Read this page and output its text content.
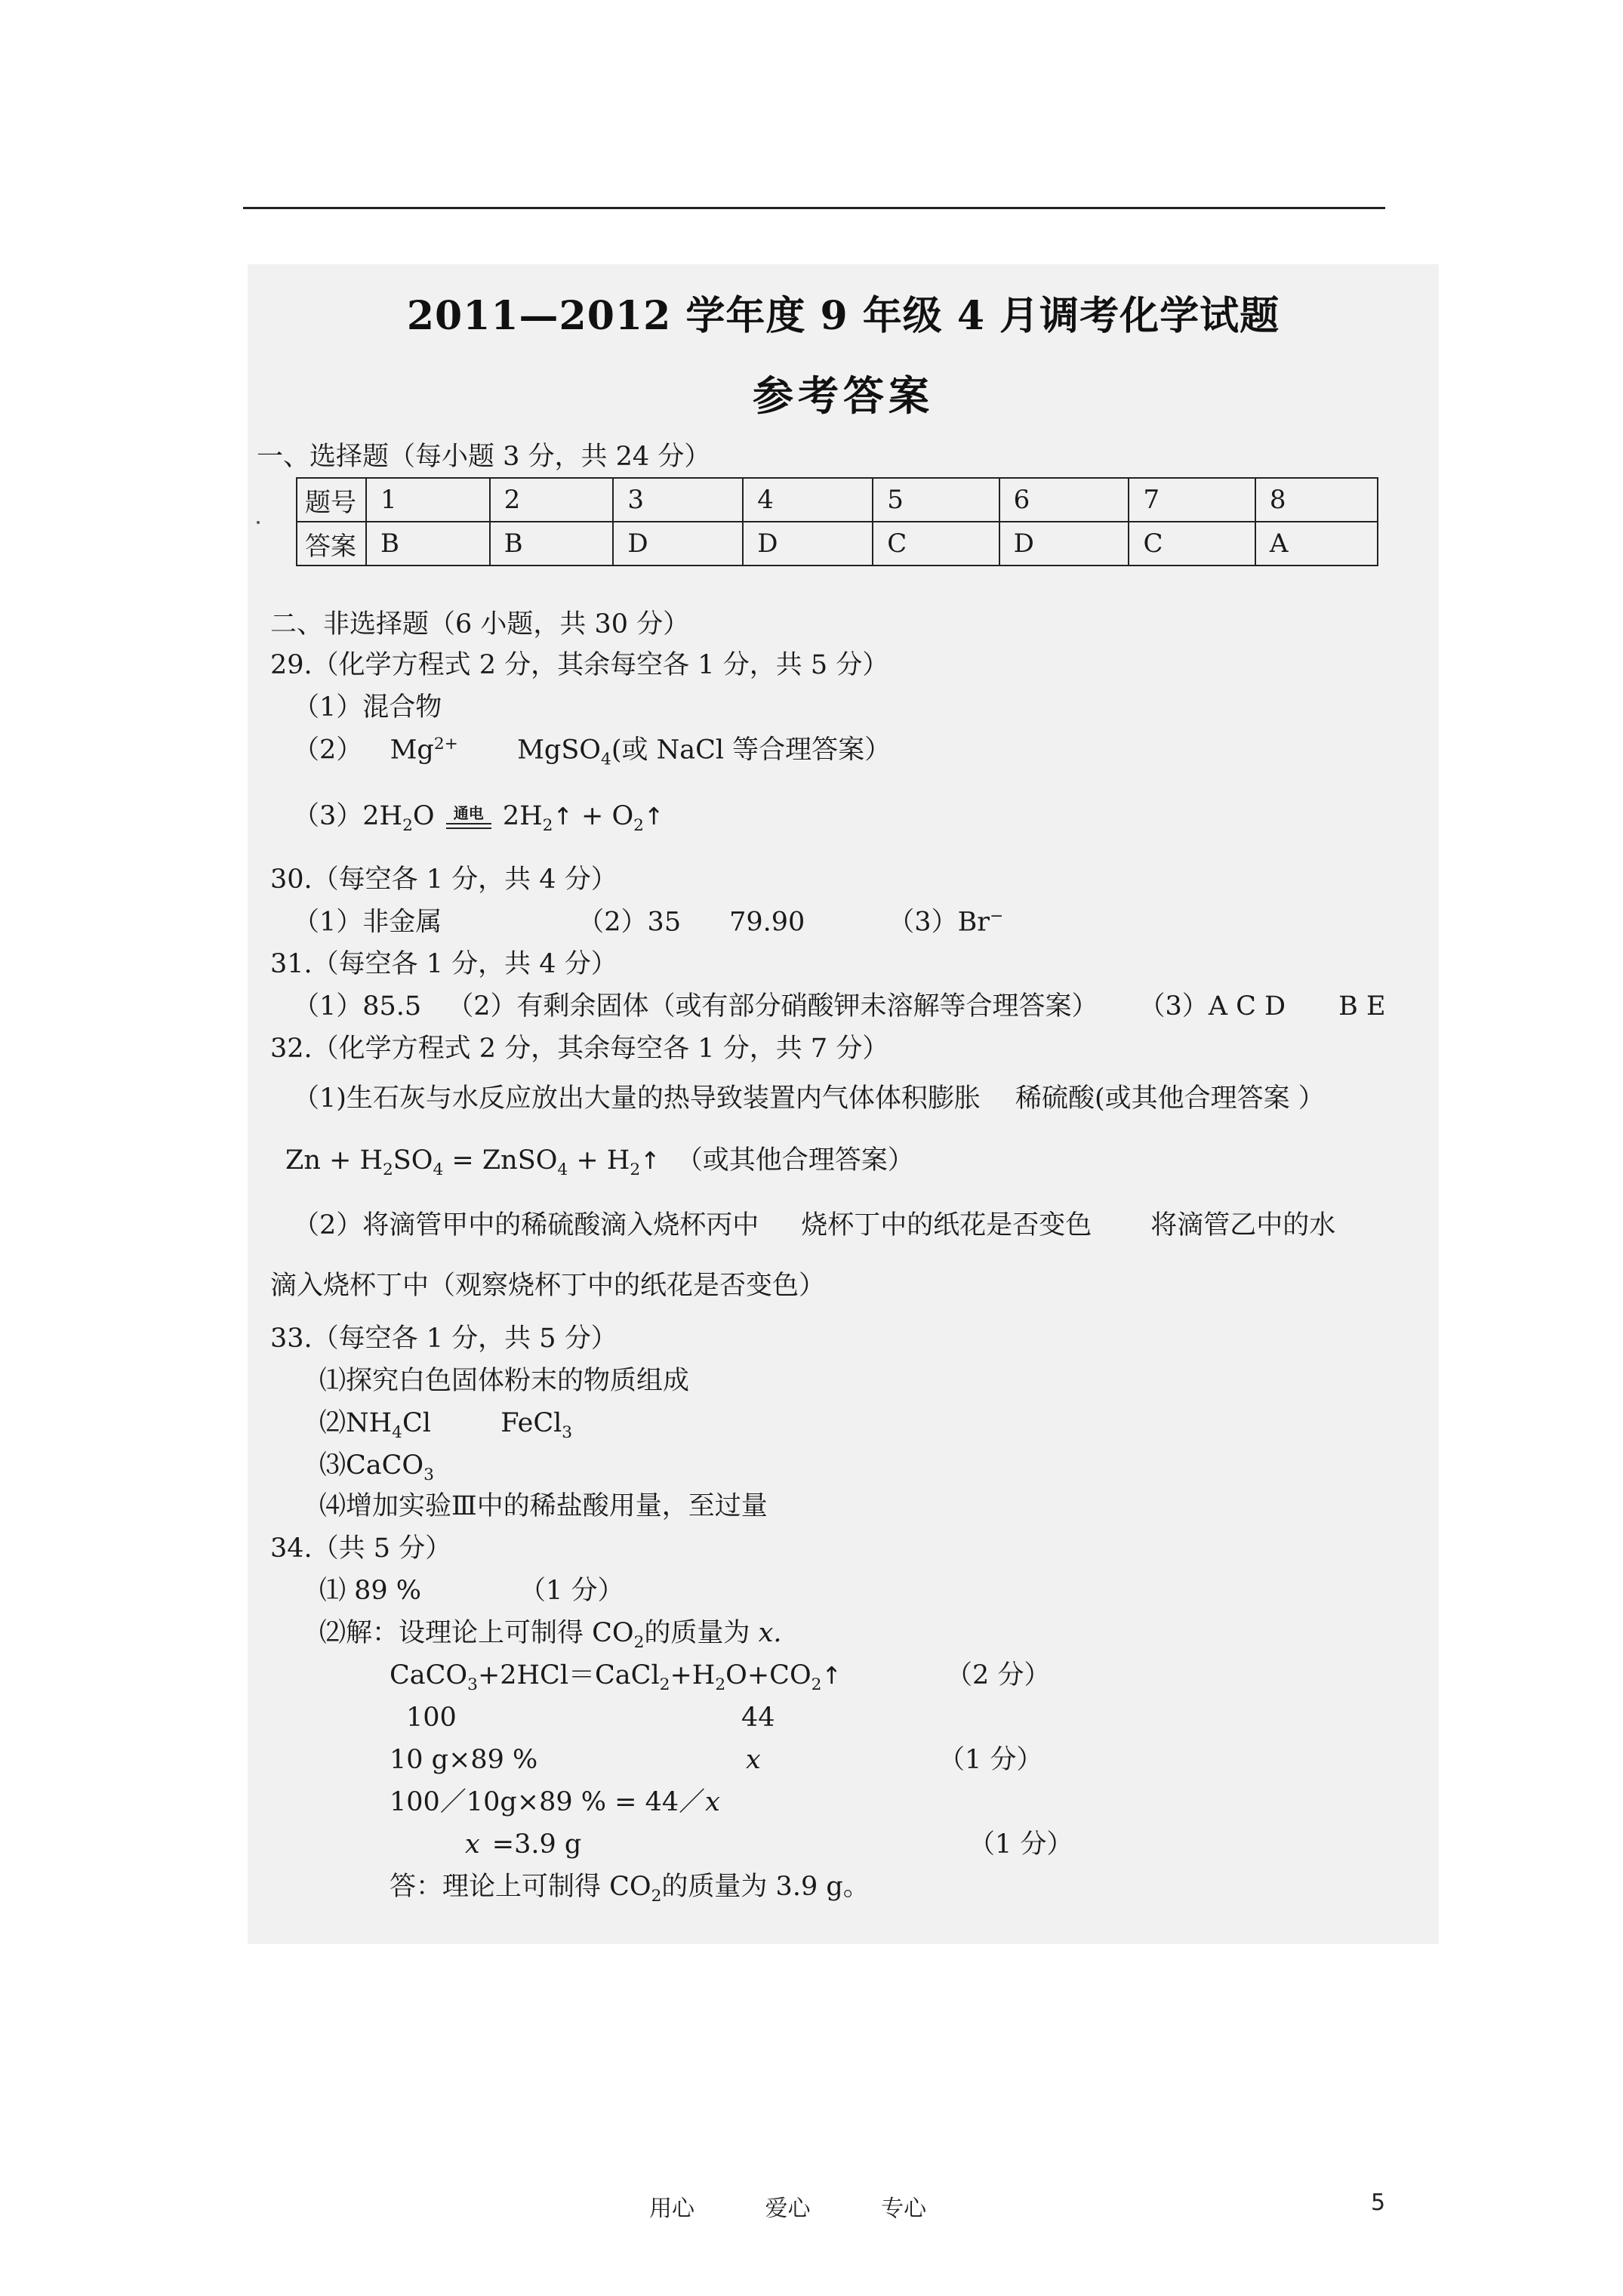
2011—2012 学年度 9 年级 4 月调考化学试题
参考答案
一、选择题（每小题 3 分，共 24 分）
题号	1	2	3	4	5	6	7	8
答案	B	B	D	D	C	D	C	A
二、非选择题（6 小题，共 30 分）
29.（化学方程式 2 分，其余每空各 1 分，共 5 分）
（1）混合物
（2） $Mg^{2+}$ MgSO$_4$(或 NaCl 等合理答案）
$(3)2H_2O$	通电 $2H_2↑$ + $O_2↑$
30.（每空各 1 分，共 4 分）
（1）非金属	（2）35 79.90	（3）Br−
31.（每空各 1 分，共 4 分）
（1）85.5 （2）有剩余固体（或有部分硝酸钾未溶解等合理答案） （3）A C D B E
32.（化学方程式 2 分，其余每空各 1 分，共 7 分）
（1)生石灰与水反应放出大量的热导致装置内气体体积膨胀 稀硫酸(或其他合理答案 ）
$Zn + H_2SO_4$ = ZnSO$_4$ + $H_2↑$ （或其他合理答案）
（2）将滴管甲中的稀硫酸滴入烧杯丙中 烧杯丁中的纸花是否变色 将滴管乙中的水
滴入烧杯丁中（观察烧杯丁中的纸花是否变色）
33.（每空各 1 分，共 5 分）
⑴探究白色固体粉末的物质组成
$⑵NH_4Cl$	FeCl$_3$
⑶CaCO$_3$
⑷增加实验Ⅲ中的稀盐酸用量，至过量
34.（共 5 分）
⑴ 89 %	（1 分）
⑵解：设理论上可制得 $CO_2$的质量为 x.
$CaCO_3+2HCl=CaCl_2+H_2O+CO_2↑$	（2 分）
100	44
10 g×89 %	x	（1 分）
100／10g×89 % = 44／x
x =3.9 g	（1 分）
答：理论上可制得 $CO_2$的质量为 3.9 g。
用心	爱心	专心	5
